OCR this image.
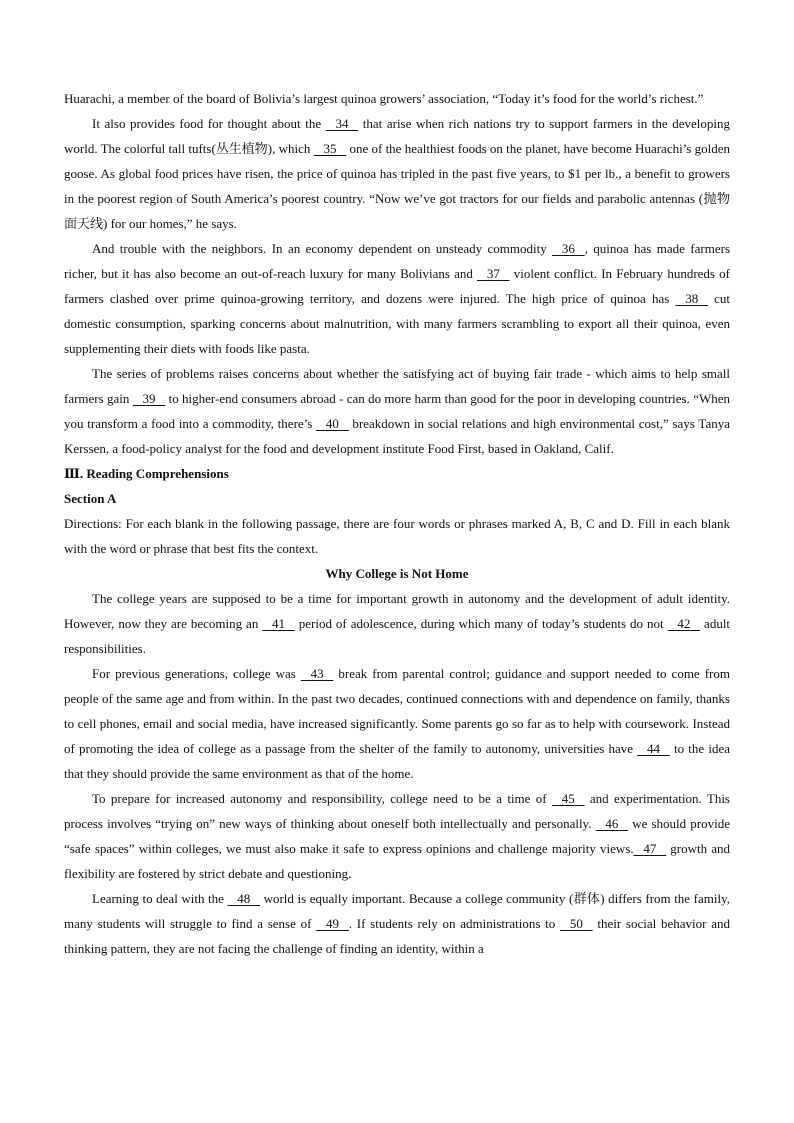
Huarachi, a member of the board of Bolivia’s largest quinoa growers’ association, “Today it’s food for the world’s richest.”

It also provides food for thought about the 34 that arise when rich nations try to support farmers in the developing world. The colorful tall tufts(丛生植物), which 35 one of the healthiest foods on the planet, have become Huarachi’s golden goose. As global food prices have risen, the price of quinoa has tripled in the past five years, to $1 per lb., a benefit to growers in the poorest region of South America’s poorest country. “Now we’ve got tractors for our fields and parabolic antennas (抛物面天线) for our homes,” he says.

And trouble with the neighbors. In an economy dependent on unsteady commodity 36 , quinoa has made farmers richer, but it has also become an out-of-reach luxury for many Bolivians and 37 violent conflict. In February hundreds of farmers clashed over prime quinoa-growing territory, and dozens were injured. The high price of quinoa has 38 cut domestic consumption, sparking concerns about malnutrition, with many farmers scrambling to export all their quinoa, even supplementing their diets with foods like pasta.

The series of problems raises concerns about whether the satisfying act of buying fair trade - which aims to help small farmers gain 39 to higher-end consumers abroad - can do more harm than good for the poor in developing countries. “When you transform a food into a commodity, there’s 40 breakdown in social relations and high environmental cost,” says Tanya Kerssen, a food-policy analyst for the food and development institute Food First, based in Oakland, Calif.

Ⅲ. Reading Comprehensions

Section A

Directions: For each blank in the following passage, there are four words or phrases marked A, B, C and D. Fill in each blank with the word or phrase that best fits the context.

Why College is Not Home

The college years are supposed to be a time for important growth in autonomy and the development of adult identity. However, now they are becoming an 41 period of adolescence, during which many of today’s students do not 42 adult responsibilities.

For previous generations, college was 43 break from parental control; guidance and support needed to come from people of the same age and from within. In the past two decades, continued connections with and dependence on family, thanks to cell phones, email and social media, have increased significantly. Some parents go so far as to help with coursework. Instead of promoting the idea of college as a passage from the shelter of the family to autonomy, universities have 44 to the idea that they should provide the same environment as that of the home.

To prepare for increased autonomy and responsibility, college need to be a time of 45 and experimentation. This process involves “trying on” new ways of thinking about oneself both intellectually and personally. 46 we should provide “safe spaces” within colleges, we must also make it safe to express opinions and challenge majority views. 47 growth and flexibility are fostered by strict debate and questioning.

Learning to deal with the 48 world is equally important. Because a college community (群体) differs from the family, many students will struggle to find a sense of 49 . If students rely on administrations to 50 their social behavior and thinking pattern, they are not facing the challenge of finding an identity, within a
